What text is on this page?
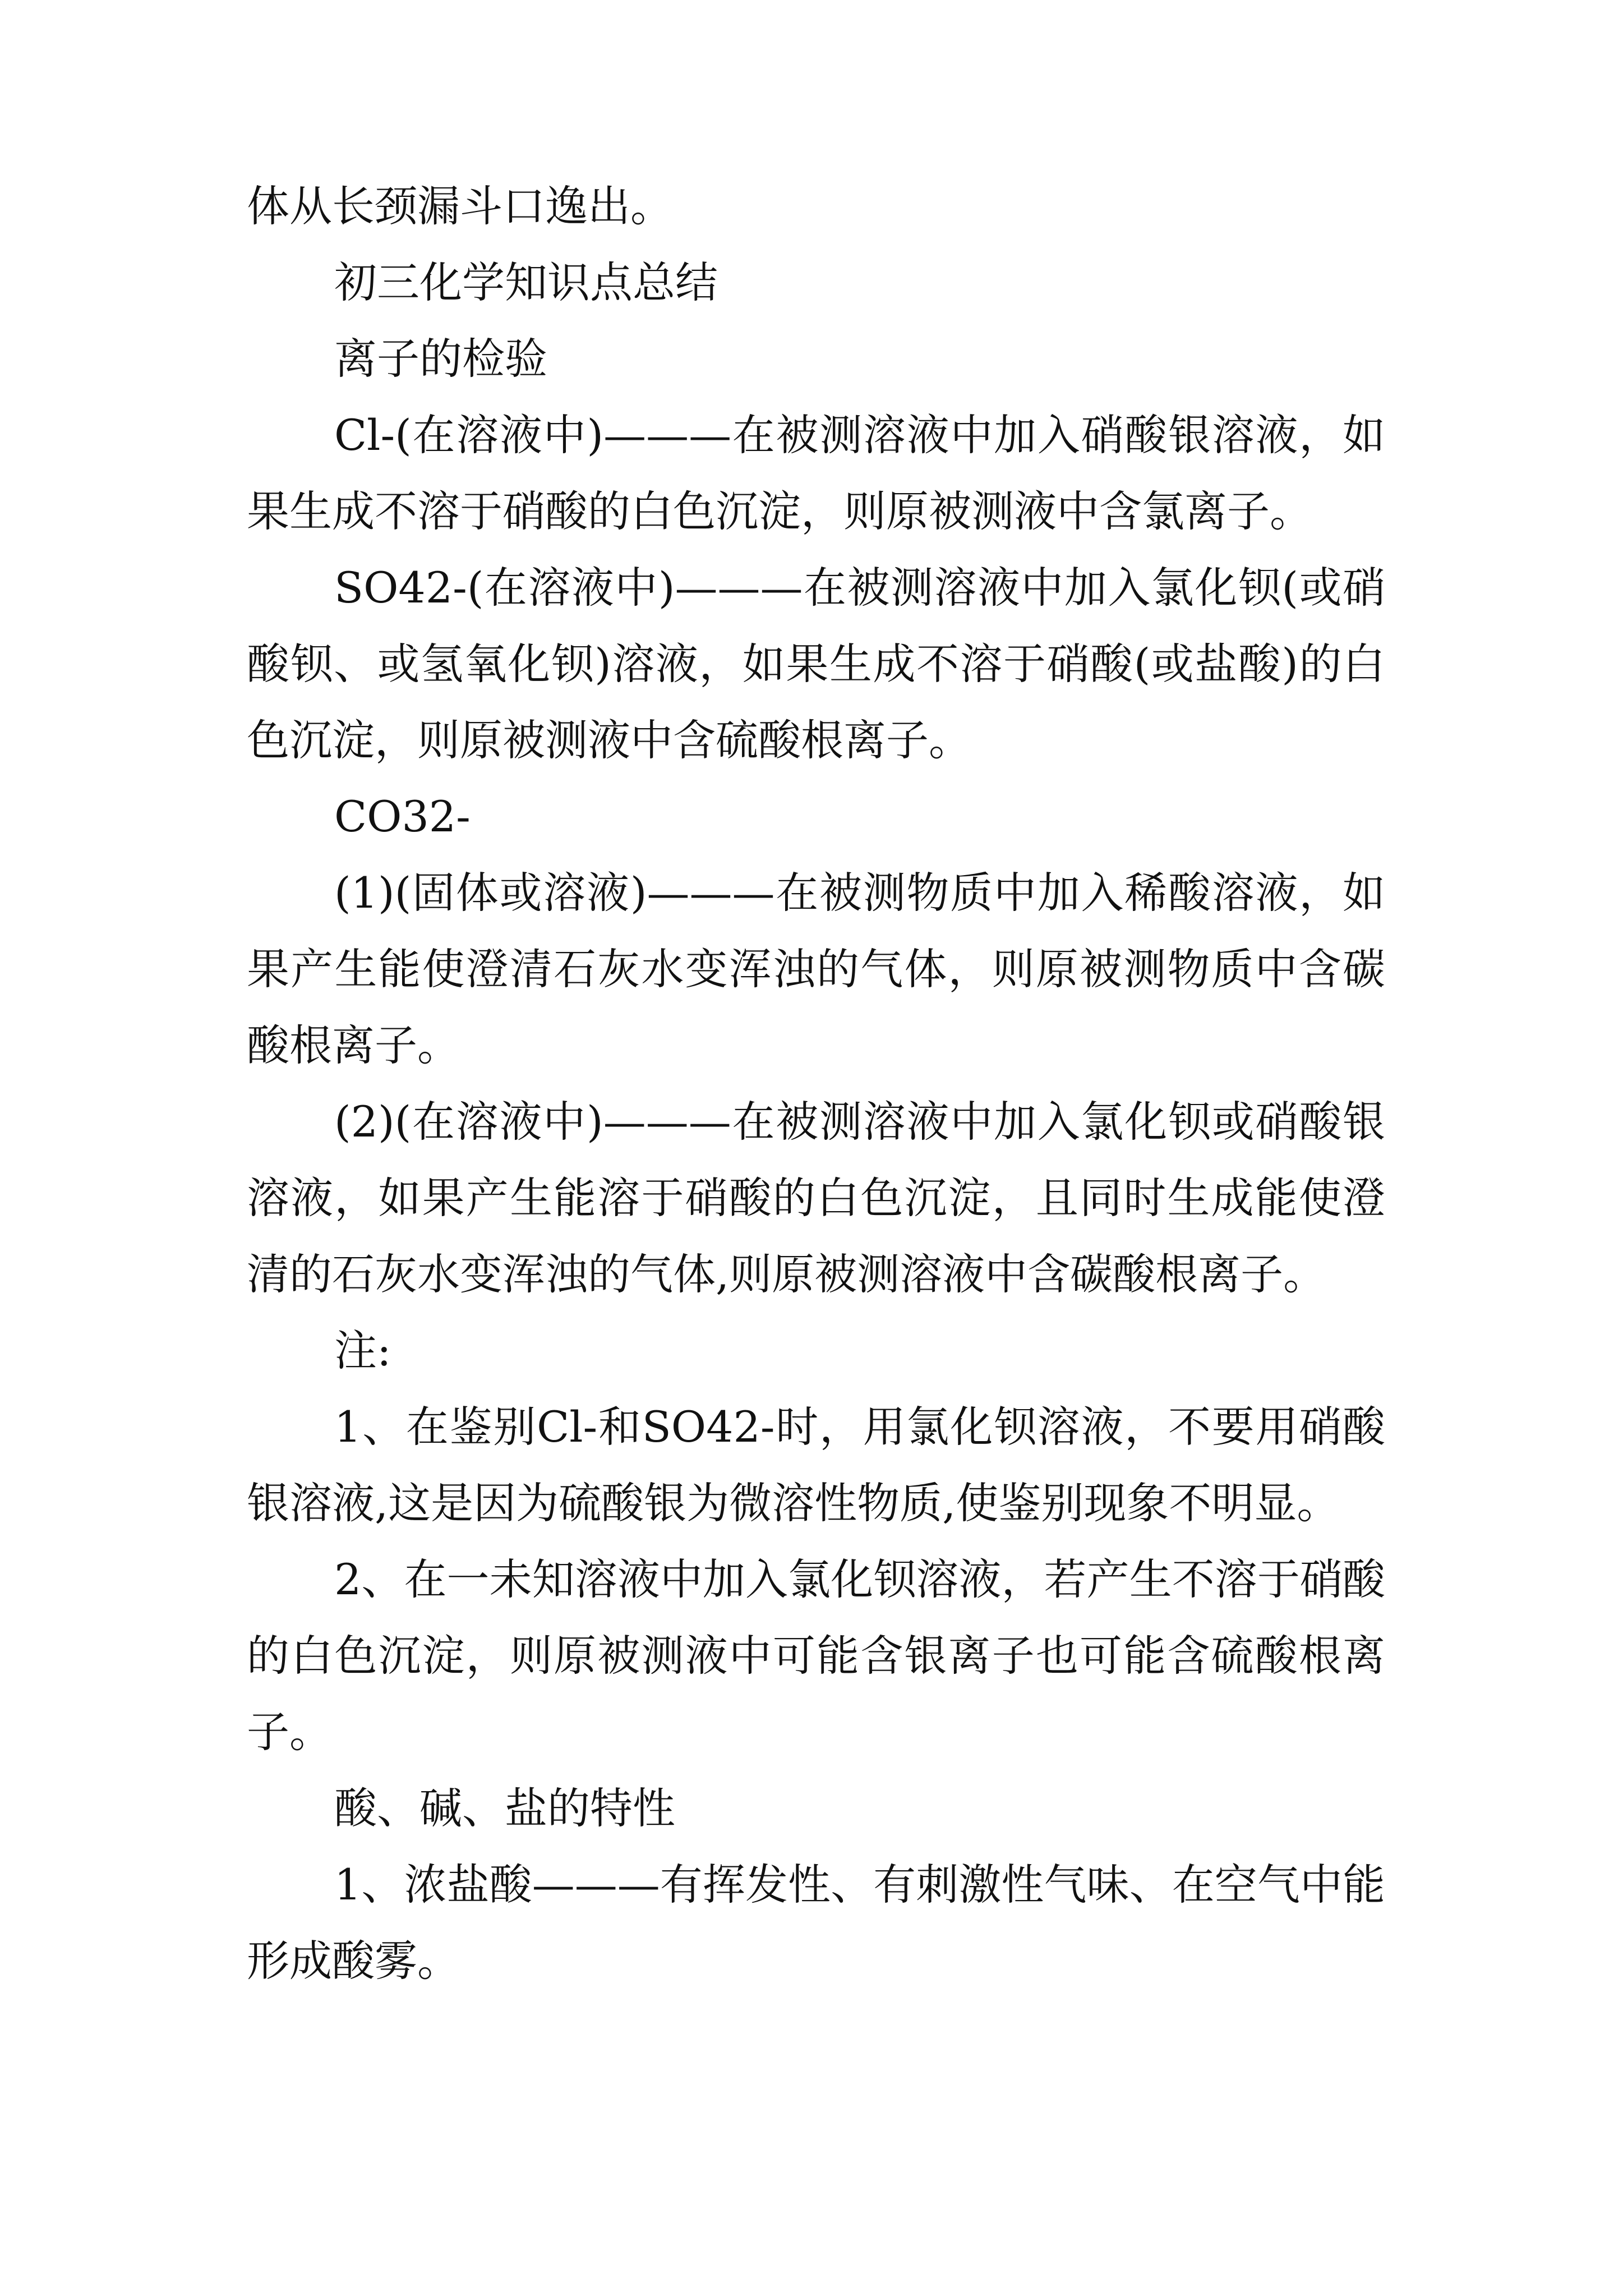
体从长颈漏斗口逸出。

初三化学知识点总结

离子的检验

Cl-(在溶液中)———在被测溶液中加入硝酸银溶液，如果生成不溶于硝酸的白色沉淀，则原被测液中含氯离子。

SO42-(在溶液中)———在被测溶液中加入氯化钡(或硝酸钡、或氢氧化钡)溶液，如果生成不溶于硝酸(或盐酸)的白色沉淀，则原被测液中含硫酸根离子。

CO32-

(1)(固体或溶液)———在被测物质中加入稀酸溶液，如果产生能使澄清石灰水变浑浊的气体，则原被测物质中含碳酸根离子。

(2)(在溶液中)———在被测溶液中加入氯化钡或硝酸银溶液，如果产生能溶于硝酸的白色沉淀，且同时生成能使澄清的石灰水变浑浊的气体,则原被测溶液中含碳酸根离子。

注:

1、在鉴别Cl-和SO42-时，用氯化钡溶液，不要用硝酸银溶液,这是因为硫酸银为微溶性物质,使鉴别现象不明显。

2、在一未知溶液中加入氯化钡溶液，若产生不溶于硝酸的白色沉淀，则原被测液中可能含银离子也可能含硫酸根离子。

酸、碱、盐的特性

1、浓盐酸———有挥发性、有刺激性气味、在空气中能形成酸雾。
